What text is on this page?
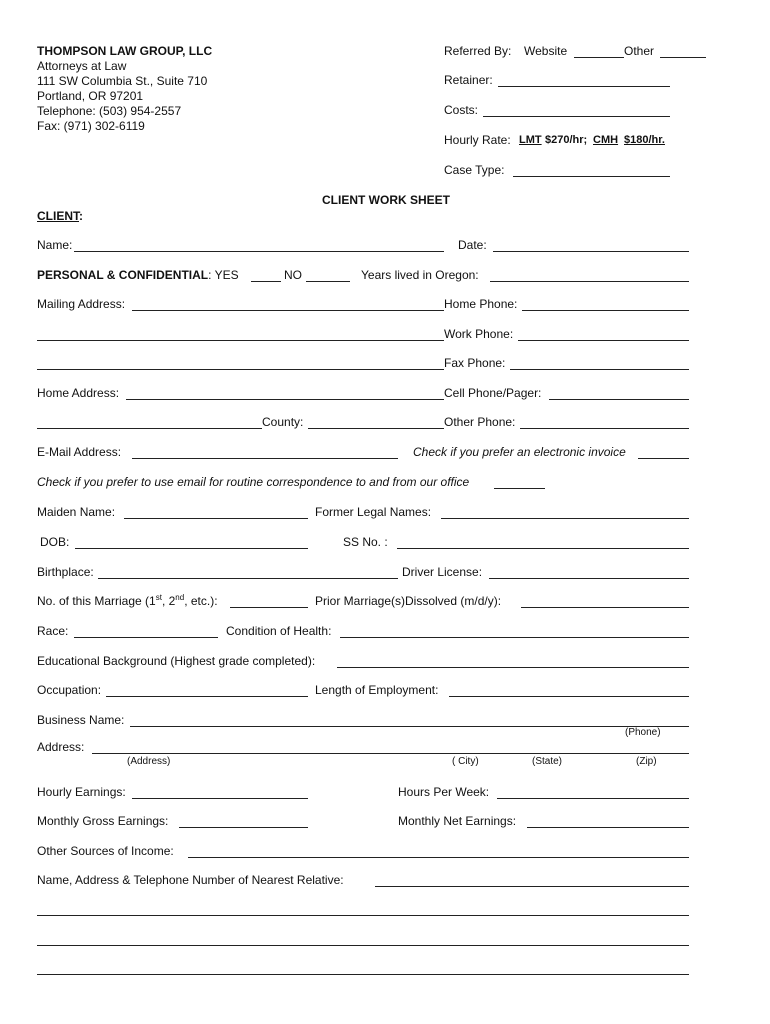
THOMPSON LAW GROUP, LLC
Attorneys at Law
111 SW Columbia St., Suite 710
Portland, OR 97201
Telephone: (503) 954-2557
Fax: (971) 302-6119
Referred By: Website	Other
Retainer:
Costs:
Hourly Rate: LMT $270/hr; CMH $180/hr.
Case Type:
CLIENT WORK SHEET
CLIENT:
Name:	Date:
PERSONAL & CONFIDENTIAL: YES	NO	Years lived in Oregon:
Mailing Address:	Home Phone:
Work Phone:
Fax Phone:
Home Address:	Cell Phone/Pager:
County:	Other Phone:
E-Mail Address:	Check if you prefer an electronic invoice
Check if you prefer to use email for routine correspondence to and from our office
Maiden Name:	Former Legal Names:
DOB:	SS No. :
Birthplace:	Driver License:
No. of this Marriage (1st, 2nd, etc.):	Prior Marriage(s)Dissolved (m/d/y):
Race:	Condition of Health:
Educational Background (Highest grade completed):
Occupation:	Length of Employment:
Business Name:
(Phone)
Address:
(Address)	( City)	(State)	(Zip)
Hourly Earnings:	Hours Per Week:
Monthly Gross Earnings:	Monthly Net Earnings:
Other Sources of Income:
Name, Address & Telephone Number of Nearest Relative:
